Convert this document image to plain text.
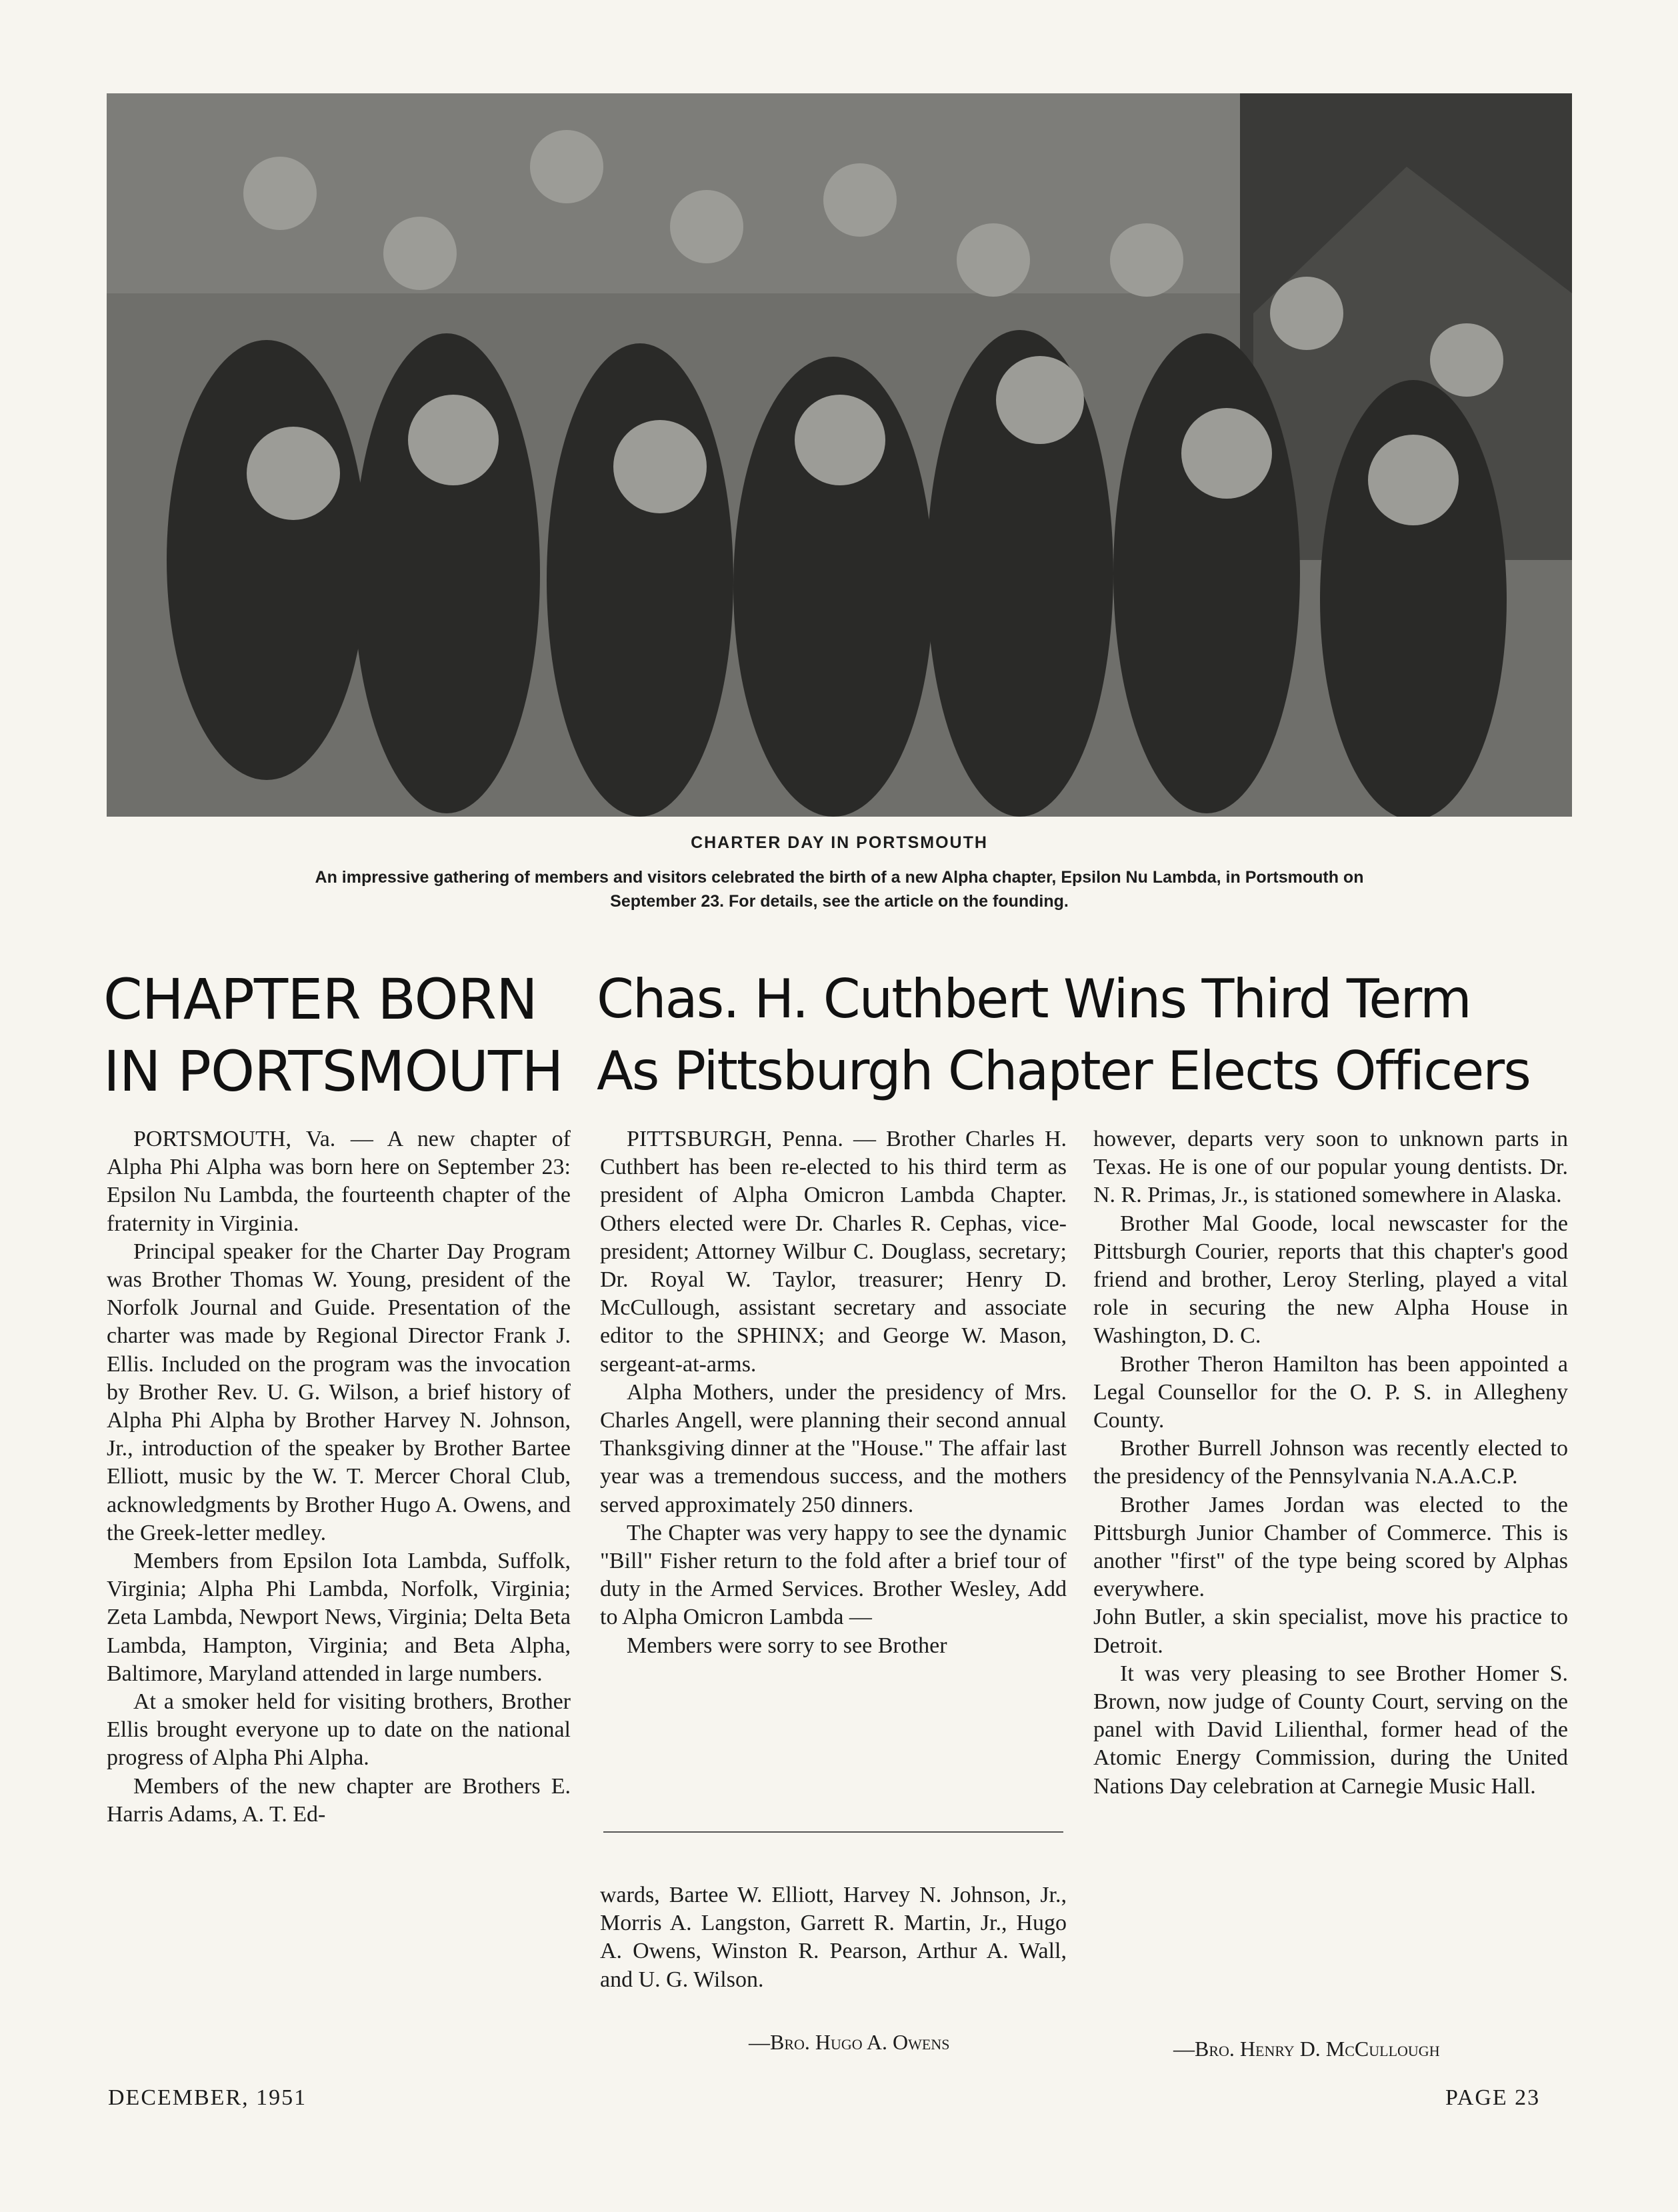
CHARTER DAY IN PORTSMOUTH

An impressive gathering of members and visitors celebrated the birth of a new Alpha chapter, Epsilon Nu Lambda, in Portsmouth on
September 23. For details, see the article on the founding.

CHAPTER BORN
IN PORTSMOUTH
Chas. H. Cuthbert Wins Third Term
As Pittsburgh Chapter Elects Officers

PORTSMOUTH, Va. — A new chapter of Alpha Phi Alpha was born here on September 23: Epsilon Nu Lambda, the fourteenth chapter of the fraternity in Virginia.

Principal speaker for the Charter Day Program was Brother Thomas W. Young, president of the Norfolk Journal and Guide. Presentation of the charter was made by Regional Director Frank J. Ellis. Included on the program was the invocation by Brother Rev. U. G. Wilson, a brief history of Alpha Phi Alpha by Brother Harvey N. Johnson, Jr., introduction of the speaker by Brother Bartee Elliott, music by the W. T. Mercer Choral Club, acknowledgments by Brother Hugo A. Owens, and the Greek-letter medley.

Members from Epsilon Iota Lambda, Suffolk, Virginia; Alpha Phi Lambda, Norfolk, Virginia; Zeta Lambda, Newport News, Virginia; Delta Beta Lambda, Hampton, Virginia; and Beta Alpha, Baltimore, Maryland attended in large numbers.

At a smoker held for visiting brothers, Brother Ellis brought everyone up to date on the national progress of Alpha Phi Alpha.

Members of the new chapter are Brothers E. Harris Adams, A. T. Ed-

PITTSBURGH, Penna. — Brother Charles H. Cuthbert has been re-elected to his third term as president of Alpha Omicron Lambda Chapter. Others elected were Dr. Charles R. Cephas, vice-president; Attorney Wilbur C. Douglass, secretary; Dr. Royal W. Taylor, treasurer; Henry D. McCullough, assistant secretary and associate editor to the SPHINX; and George W. Mason, sergeant-at-arms.

Alpha Mothers, under the presidency of Mrs. Charles Angell, were planning their second annual Thanksgiving dinner at the "House." The affair last year was a tremendous success, and the mothers served approximately 250 dinners.

The Chapter was very happy to see the dynamic "Bill" Fisher return to the fold after a brief tour of duty in the Armed Services. Brother Wesley, Add to Alpha Omicron Lambda —

Members were sorry to see Brother

wards, Bartee W. Elliott, Harvey N. Johnson, Jr., Morris A. Langston, Garrett R. Martin, Jr., Hugo A. Owens, Winston R. Pearson, Arthur A. Wall, and U. G. Wilson.

—Bro. Hugo A. Owens

however, departs very soon to unknown parts in Texas. He is one of our popular young dentists. Dr. N. R. Primas, Jr., is stationed somewhere in Alaska.

Brother Mal Goode, local newscaster for the Pittsburgh Courier, reports that this chapter's good friend and brother, Leroy Sterling, played a vital role in securing the new Alpha House in Washington, D. C.

Brother Theron Hamilton has been appointed a Legal Counsellor for the O. P. S. in Allegheny County.

Brother Burrell Johnson was recently elected to the presidency of the Pennsylvania N.A.A.C.P.

Brother James Jordan was elected to the Pittsburgh Junior Chamber of Commerce. This is another "first" of the type being scored by Alphas everywhere.

John Butler, a skin specialist, move his practice to Detroit.

It was very pleasing to see Brother Homer S. Brown, now judge of County Court, serving on the panel with David Lilienthal, former head of the Atomic Energy Commission, during the United Nations Day celebration at Carnegie Music Hall.

—Bro. Henry D. McCullough

DECEMBER, 1951	PAGE 23
